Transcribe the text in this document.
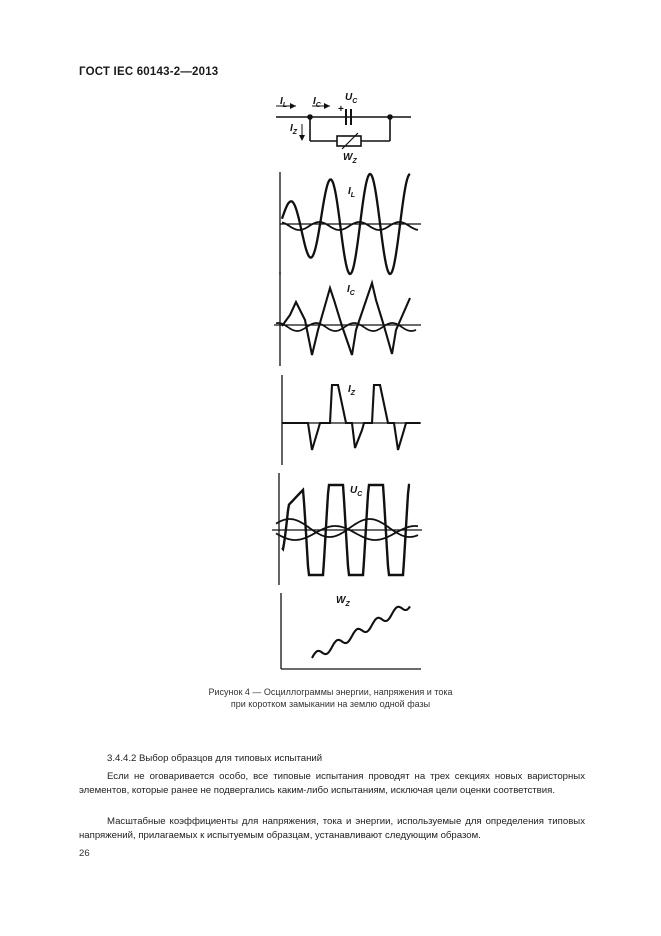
ГОСТ IEC 60143-2—2013
$I_L$	$I_C$
$U_C$
+
$I_Z$
$W_Z$
$I_L$
$I_C$
$I_Z$
$U_C$
$W_Z$
Рисунок 4 — Осциллограммы энергии, напряжения и тока
при коротком замыкании на землю одной фазы
3.4.4.2 Выбор образцов для типовых испытаний
Если не оговаривается особо, все типовые испытания проводят на трех секциях новых варисторных элементов, которые ранее не подвергались каким-либо испытаниям, исключая цели оценки соответствия.
Масштабные коэффициенты для напряжения, тока и энергии, используемые для определения типовых напряжений, прилагаемых к испытуемым образцам, устанавливают следующим образом.
26
